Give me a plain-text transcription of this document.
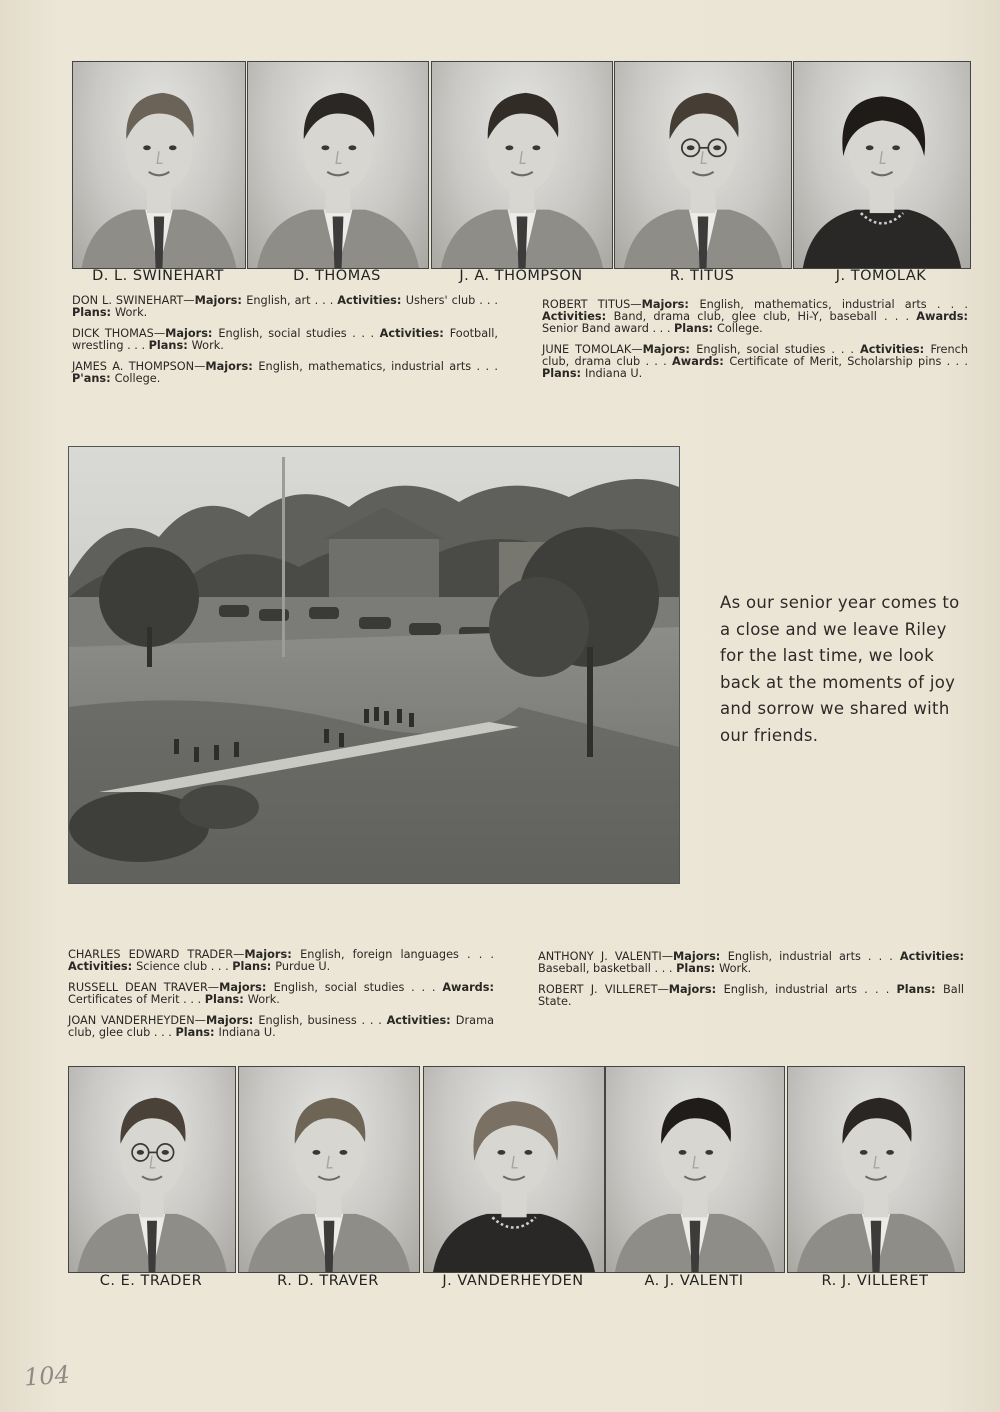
D. L. SWINEHART	D. THOMAS	J. A. THOMPSON	R. TITUS	J. TOMOLAK

DON L. SWINEHART—Majors: English, art . . . Activities: Ushers' club . . . Plans: Work.

DICK THOMAS—Majors: English, social studies . . . Activities: Football, wrestling . . . Plans: Work.

JAMES A. THOMPSON—Majors: English, mathematics, industrial arts . . . P'ans: College.

ROBERT TITUS—Majors: English, mathematics, industrial arts . . . Activities: Band, drama club, glee club, Hi-Y, baseball . . . Awards: Senior Band award . . . Plans: College.

JUNE TOMOLAK—Majors: English, social studies . . . Activities: French club, drama club . . . Awards: Certificate of Merit, Scholarship pins . . . Plans: Indiana U.

As our senior year comes to a close and we leave Riley for the last time, we look back at the moments of joy and sorrow we shared with our friends.

CHARLES EDWARD TRADER—Majors: English, foreign languages . . . Activities: Science club . . . Plans: Purdue U.

RUSSELL DEAN TRAVER—Majors: English, social studies . . . Awards: Certificates of Merit . . . Plans: Work.

JOAN VANDERHEYDEN—Majors: English, business . . . Activities: Drama club, glee club . . . Plans: Indiana U.

ANTHONY J. VALENTI—Majors: English, industrial arts . . . Activities: Baseball, basketball . . . Plans: Work.

ROBERT J. VILLERET—Majors: English, industrial arts . . . Plans: Ball State.

C. E. TRADER	R. D. TRAVER	J. VANDERHEYDEN	A. J. VALENTI	R. J. VILLERET
104
